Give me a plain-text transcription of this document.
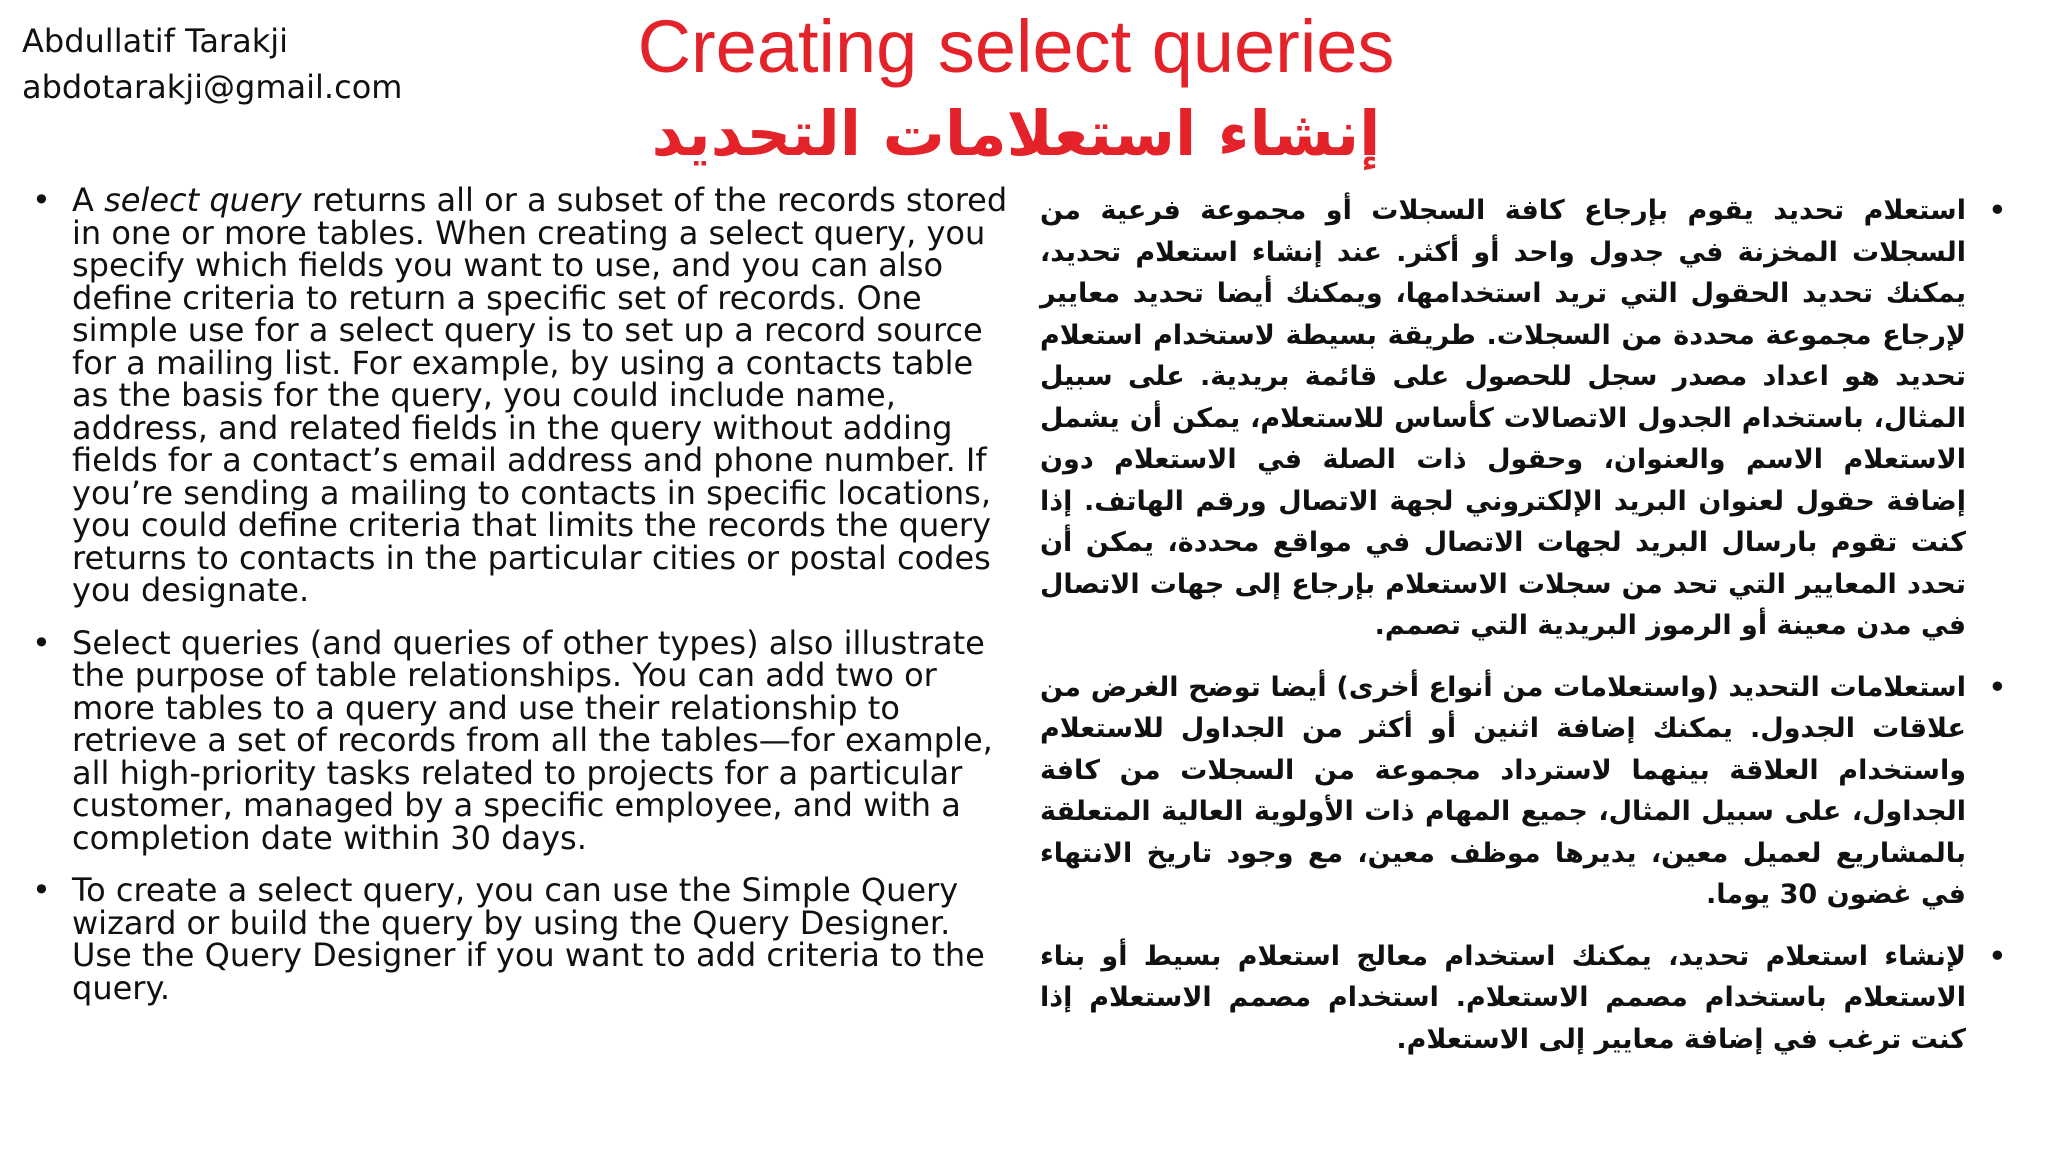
Abdullatif Tarakji
abdotarakji@gmail.com	Creating select queries
إنشاء استعلامات التحديد
• A select query returns all or a subset of the records stored in one or more tables. When creating a select query, you specify which fields you want to use, and you can also define criteria to return a specific set of records. One simple use for a select query is to set up a record source for a mailing list. For example, by using a contacts table as the basis for the query, you could include name, address, and related fields in the query without adding fields for a contact’s email address and phone number. If you’re sending a mailing to contacts in specific locations, you could define criteria that limits the records the query returns to contacts in the particular cities or postal codes you designate.
• Select queries (and queries of other types) also illustrate the purpose of table relationships. You can add two or more tables to a query and use their relationship to retrieve a set of records from all the tables—for example, all high-priority tasks related to projects for a particular customer, managed by a specific employee, and with a completion date within 30 days.
• To create a select query, you can use the Simple Query wizard or build the query by using the Query Designer. Use the Query Designer if you want to add criteria to the query.
•
استعلام تحديد يقوم بإرجاع كافة السجلات أو مجموعة فرعية من السجلات المخزنة في جدول واحد أو أكثر. عند إنشاء استعلام تحديد، يمكنك تحديد الحقول التي تريد استخدامها، ويمكنك أيضا تحديد معايير لإرجاع مجموعة محددة من السجلات. طريقة بسيطة لاستخدام استعلام تحديد هو اعداد مصدر سجل للحصول على قائمة بريدية. على سبيل المثال، باستخدام الجدول الاتصالات كأساس للاستعلام، يمكن أن يشمل الاستعلام الاسم والعنوان، وحقول ذات الصلة في الاستعلام دون إضافة حقول لعنوان البريد الإلكتروني لجهة الاتصال ورقم الهاتف. إذا كنت تقوم بارسال البريد لجهات الاتصال في مواقع محددة، يمكن أن تحدد المعايير التي تحد من سجلات الاستعلام بإرجاع إلى جهات الاتصال في مدن معينة أو الرموز البريدية التي تصمم.
•
استعلامات التحديد (واستعلامات من أنواع أخرى) أيضا توضح الغرض من علاقات الجدول. يمكنك إضافة اثنين أو أكثر من الجداول للاستعلام واستخدام العلاقة بينهما لاسترداد مجموعة من السجلات من كافة الجداول، على سبيل المثال، جميع المهام ذات الأولوية العالية المتعلقة بالمشاريع لعميل معين، يديرها موظف معين، مع وجود تاريخ الانتهاء في غضون 30 يوما.
•
لإنشاء استعلام تحديد، يمكنك استخدام معالج استعلام بسيط أو بناء الاستعلام باستخدام مصمم الاستعلام. استخدام مصمم الاستعلام إذا كنت ترغب في إضافة معايير إلى الاستعلام.
